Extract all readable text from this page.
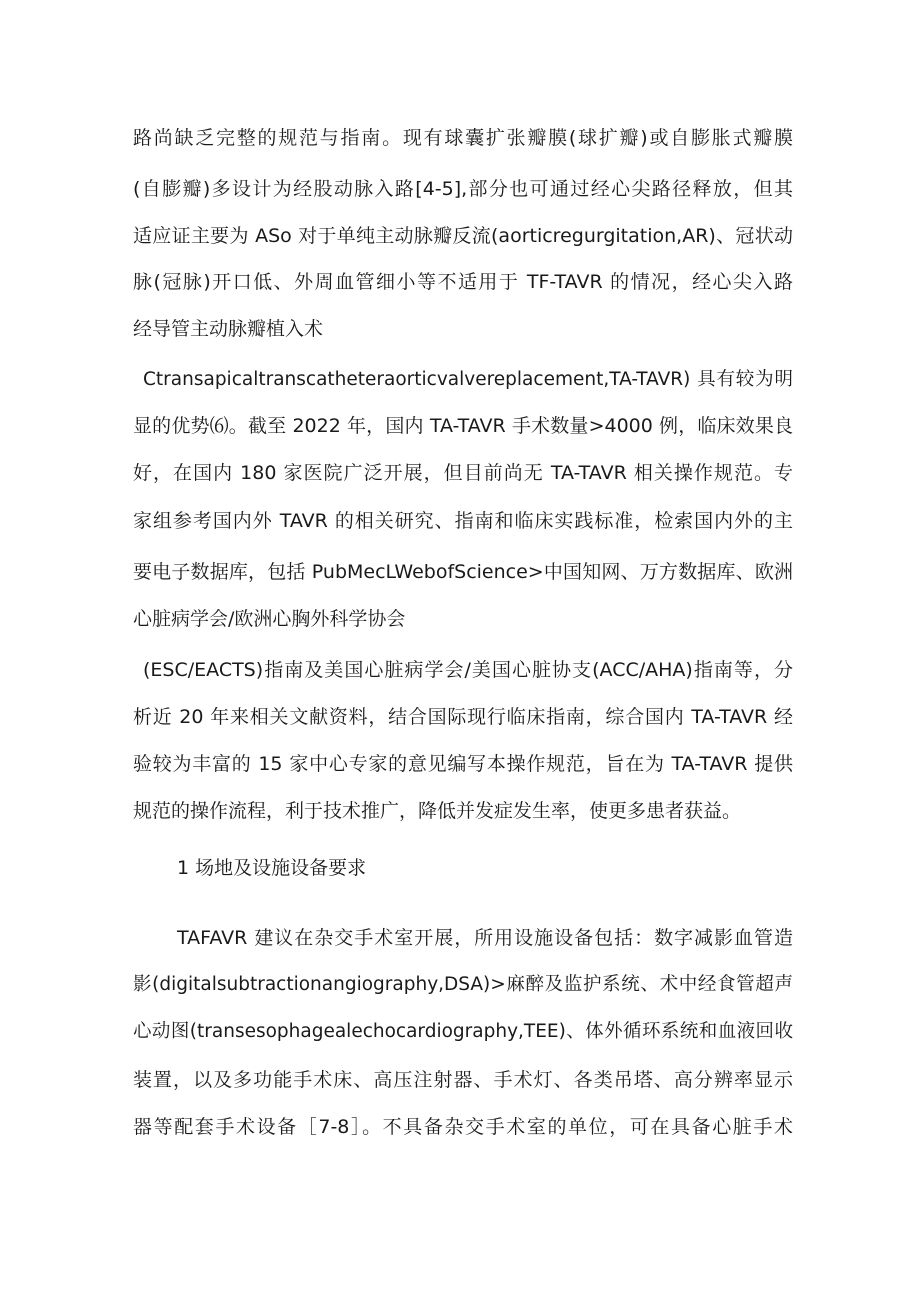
路尚缺乏完整的规范与指南。现有球囊扩张瓣膜(球扩瓣)或自膨胀式瓣膜
(自膨瓣)多设计为经股动脉入路[4-5],部分也可通过经心尖路径释放，但其
适应证主要为 ASo 对于单纯主动脉瓣反流(aorticregurgitation,AR)、冠状动
脉(冠脉)开口低、外周血管细小等不适用于 TF-TAVR 的情况，经心尖入路
经导管主动脉瓣植入术
Ctransapicaltranscatheteraorticvalvereplacement,TA-TAVR) 具有较为明
显的优势⑹。截至 2022 年，国内 TA-TAVR 手术数量>4000 例，临床效果良
好，在国内 180 家医院广泛开展，但目前尚无 TA-TAVR 相关操作规范。专
家组参考国内外 TAVR 的相关研究、指南和临床实践标准，检索国内外的主
要电子数据库，包括 PubMecLWebofScience>中国知网、万方数据库、欧洲
心脏病学会/欧洲心胸外科学协会
(ESC/EACTS)指南及美国心脏病学会/美国心脏协支(ACC/AHA)指南等，分
析近 20 年来相关文献资料，结合国际现行临床指南，综合国内 TA-TAVR 经
验较为丰富的 15 家中心专家的意见编写本操作规范，旨在为 TA-TAVR 提供
规范的操作流程，利于技术推广，降低并发症发生率，使更多患者获益。
1 场地及设施设备要求
TAFAVR 建议在杂交手术室开展，所用设施设备包括：数字减影血管造
影(digitalsubtractionangiography,DSA)>麻醉及监护系统、术中经食管超声
心动图(transesophagealechocardiography,TEE)、体外循环系统和血液回收
装置，以及多功能手术床、高压注射器、手术灯、各类吊塔、高分辨率显示
器等配套手术设备［7-8］。不具备杂交手术室的单位，可在具备心脏手术
